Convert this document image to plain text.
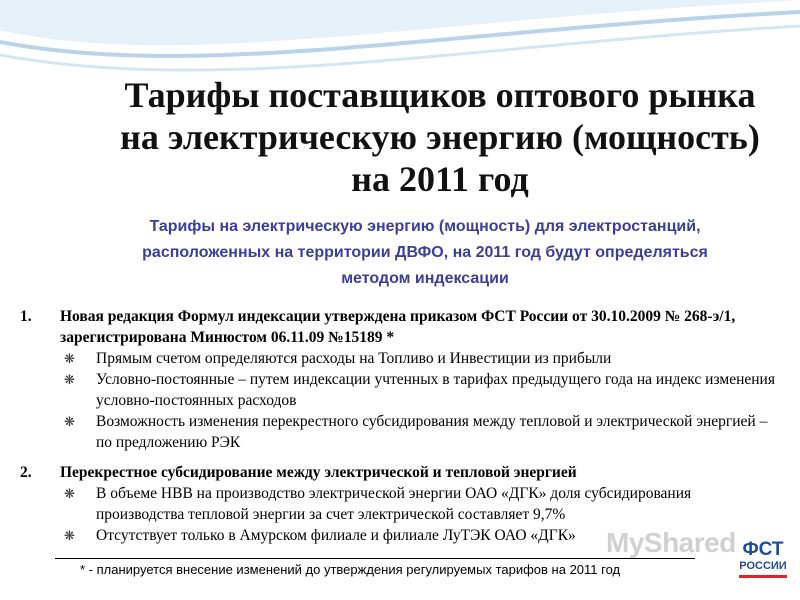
Тарифы поставщиков оптового рынка
на электрическую энергию (мощность)
на 2011 год
Тарифы на электрическую энергию (мощность) для электростанций,
расположенных на территории ДВФО, на 2011 год будут определяться
методом индексации
1.	Новая редакция Формул индексации утверждена приказом ФСТ России от 30.10.2009 № 268-э/1, зарегистрирована Минюстом 06.11.09 №15189 *
❋	Прямым счетом определяются расходы на Топливо и Инвестиции из прибыли
❋	Условно-постоянные – путем индексации учтенных в тарифах предыдущего года на индекс изменения условно-постоянных расходов
❋	Возможность изменения перекрестного субсидирования между тепловой и электрической энергией – по предложению РЭК
2.	Перекрестное субсидирование между электрической и тепловой энергией
❋	В объеме НВВ на производство электрической энергии ОАО «ДГК» доля субсидирования производства тепловой энергии за счет электрической составляет 9,7%
❋	Отсутствует только в Амурском филиале и филиале ЛуТЭК ОАО «ДГК»
* - планируется внесение изменений до утверждения регулируемых тарифов на 2011 год
MyShared ФСТ
РОССИИ
